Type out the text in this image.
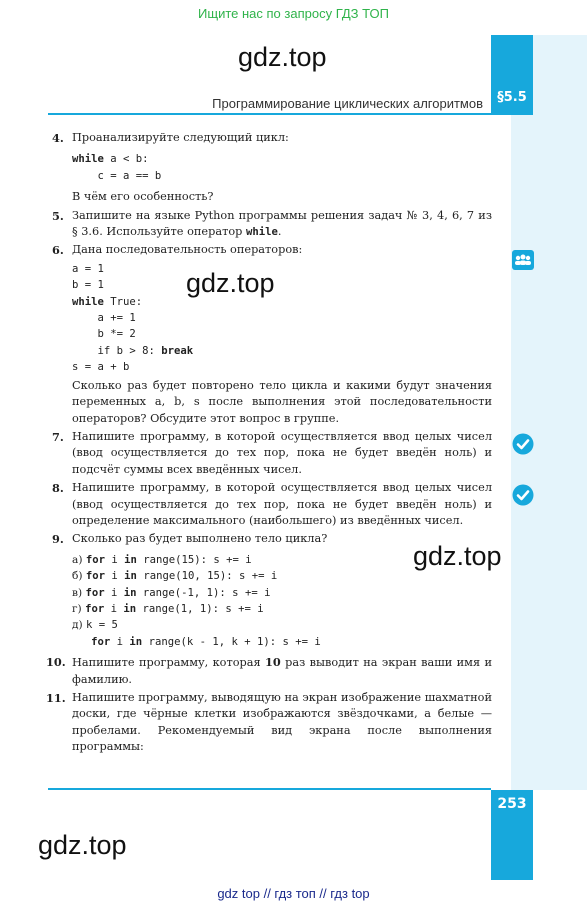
Ищите нас по запросу ГДЗ ТОП
§5.5
Программирование циклических алгоритмов
253
gdz.top
gdz.top
gdz.top
gdz.top
4. Проанализируйте следующий цикл:

while a < b:
c = a == b

В чём его особенность?

5. Запишите на языке Python программы решения задач № 3, 4, 6, 7 из § 3.6. Используйте оператор while.

6. Дана последовательность операторов:

a = 1
b = 1
while True:
a += 1
b *= 2
if b > 8: break
s = a + b

Сколько раз будет повторено тело цикла и какими будут значения переменных a, b, s после выполнения этой последовательности операторов? Обсудите этот вопрос в группе.

7. Напишите программу, в которой осуществляется ввод целых чисел (ввод осуществляется до тех пор, пока не будет введён ноль) и подсчёт суммы всех введённых чисел.

8. Напишите программу, в которой осуществляется ввод целых чисел (ввод осуществляется до тех пор, пока не будет введён ноль) и определение максимального (наибольшего) из введённых чисел.

9. Сколько раз будет выполнено тело цикла?

а) for i in range(15): s += i
б) for i in range(10, 15): s += i
в) for i in range(-1, 1): s += i
г) for i in range(1, 1): s += i
д) k = 5
for i in range(k - 1, k + 1): s += i
10. Напишите программу, которая 10 раз выводит на экран ваши имя и фамилию.

11. Напишите программу, выводящую на экран изображение шахматной доски, где чёрные клетки изображаются звёздочками, а белые — пробелами. Рекомендуемый вид экрана после выполнения программы:

gdz top // гдз топ // гдз top
